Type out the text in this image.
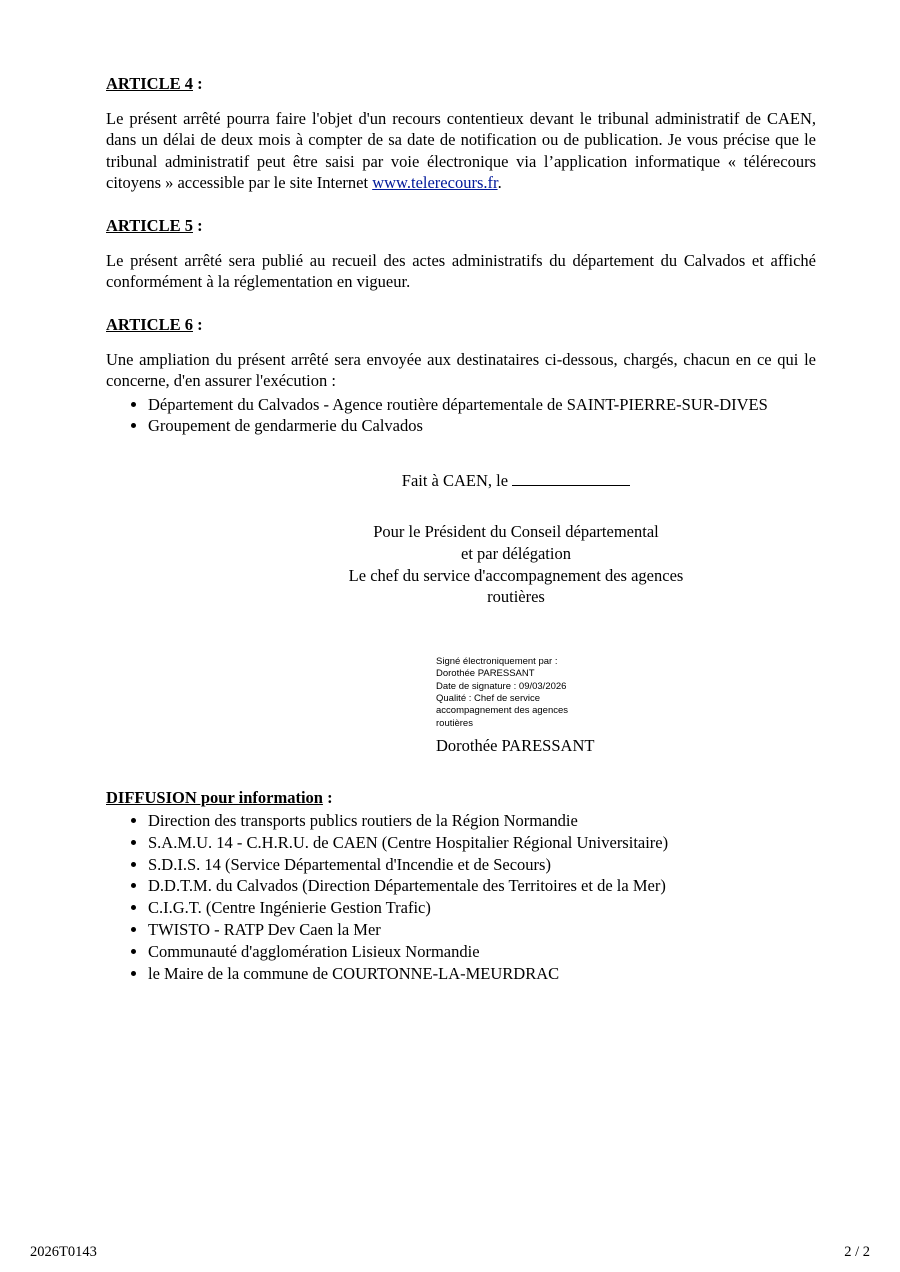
ARTICLE 4 :

Le présent arrêté pourra faire l'objet d'un recours contentieux devant le tribunal administratif de CAEN, dans un délai de deux mois à compter de sa date de notification ou de publication. Je vous précise que le tribunal administratif peut être saisi par voie électronique via l’application informatique « télérecours citoyens » accessible par le site Internet www.telerecours.fr.

ARTICLE 5 :

Le présent arrêté sera publié au recueil des actes administratifs du département du Calvados et affiché conformément à la réglementation en vigueur.

ARTICLE 6 :

Une ampliation du présent arrêté sera envoyée aux destinataires ci-dessous, chargés, chacun en ce qui le concerne, d'en assurer l'exécution :

• Département du Calvados - Agence routière départementale de SAINT-PIERRE-SUR-DIVES
• Groupement de gendarmerie du Calvados
Fait à CAEN, le
Pour le Président du Conseil départemental
et par délégation
Le chef du service d'accompagnement des agences
routières
Signé électroniquement par :
Dorothée PARESSANT
Date de signature : 09/03/2026
Qualité : Chef de service
accompagnement des agences
routières
Dorothée PARESSANT
DIFFUSION pour information :
• Direction des transports publics routiers de la Région Normandie
• S.A.M.U. 14 - C.H.R.U. de CAEN (Centre Hospitalier Régional Universitaire)
• S.D.I.S. 14 (Service Départemental d'Incendie et de Secours)
• D.D.T.M. du Calvados (Direction Départementale des Territoires et de la Mer)
• C.I.G.T. (Centre Ingénierie Gestion Trafic)
• TWISTO - RATP Dev Caen la Mer
• Communauté d'agglomération Lisieux Normandie
• le Maire de la commune de COURTONNE-LA-MEURDRAC
2026T0143	2 / 2
